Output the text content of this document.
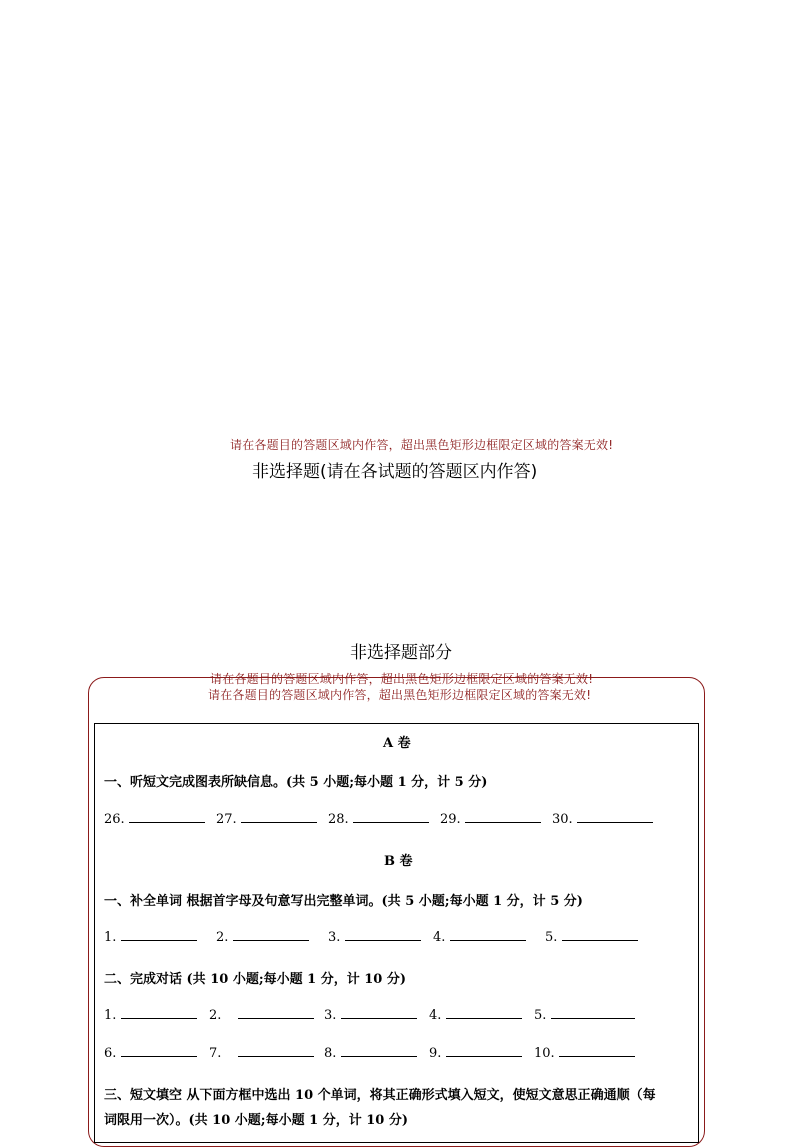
请在各题目的答题区域内作答，超出黑色矩形边框限定区域的答案无效!
非选择题(请在各试题的答题区内作答)
非选择题部分
请在各题目的答题区域内作答，超出黑色矩形边框限定区域的答案无效!
请在各题目的答题区域内作答，超出黑色矩形边框限定区域的答案无效!
A 卷
一、听短文完成图表所缺信息。(共 5 小题;每小题 1 分，计 5 分)
26.	27.	28.	29.	30.
B 卷
一、补全单词 根据首字母及句意写出完整单词。(共 5 小题;每小题 1 分，计 5 分)
1.	2.	3.	4.	5.
二、完成对话 (共 10 小题;每小题 1 分，计 10 分)
1.	2.	3.	4.	5.
6.	7.	8.	9.	10.
三、短文填空 从下面方框中选出 10 个单词，将其正确形式填入短文，使短文意思正确通顺（每
词限用一次）。(共 10 小题;每小题 1 分，计 10 分)
